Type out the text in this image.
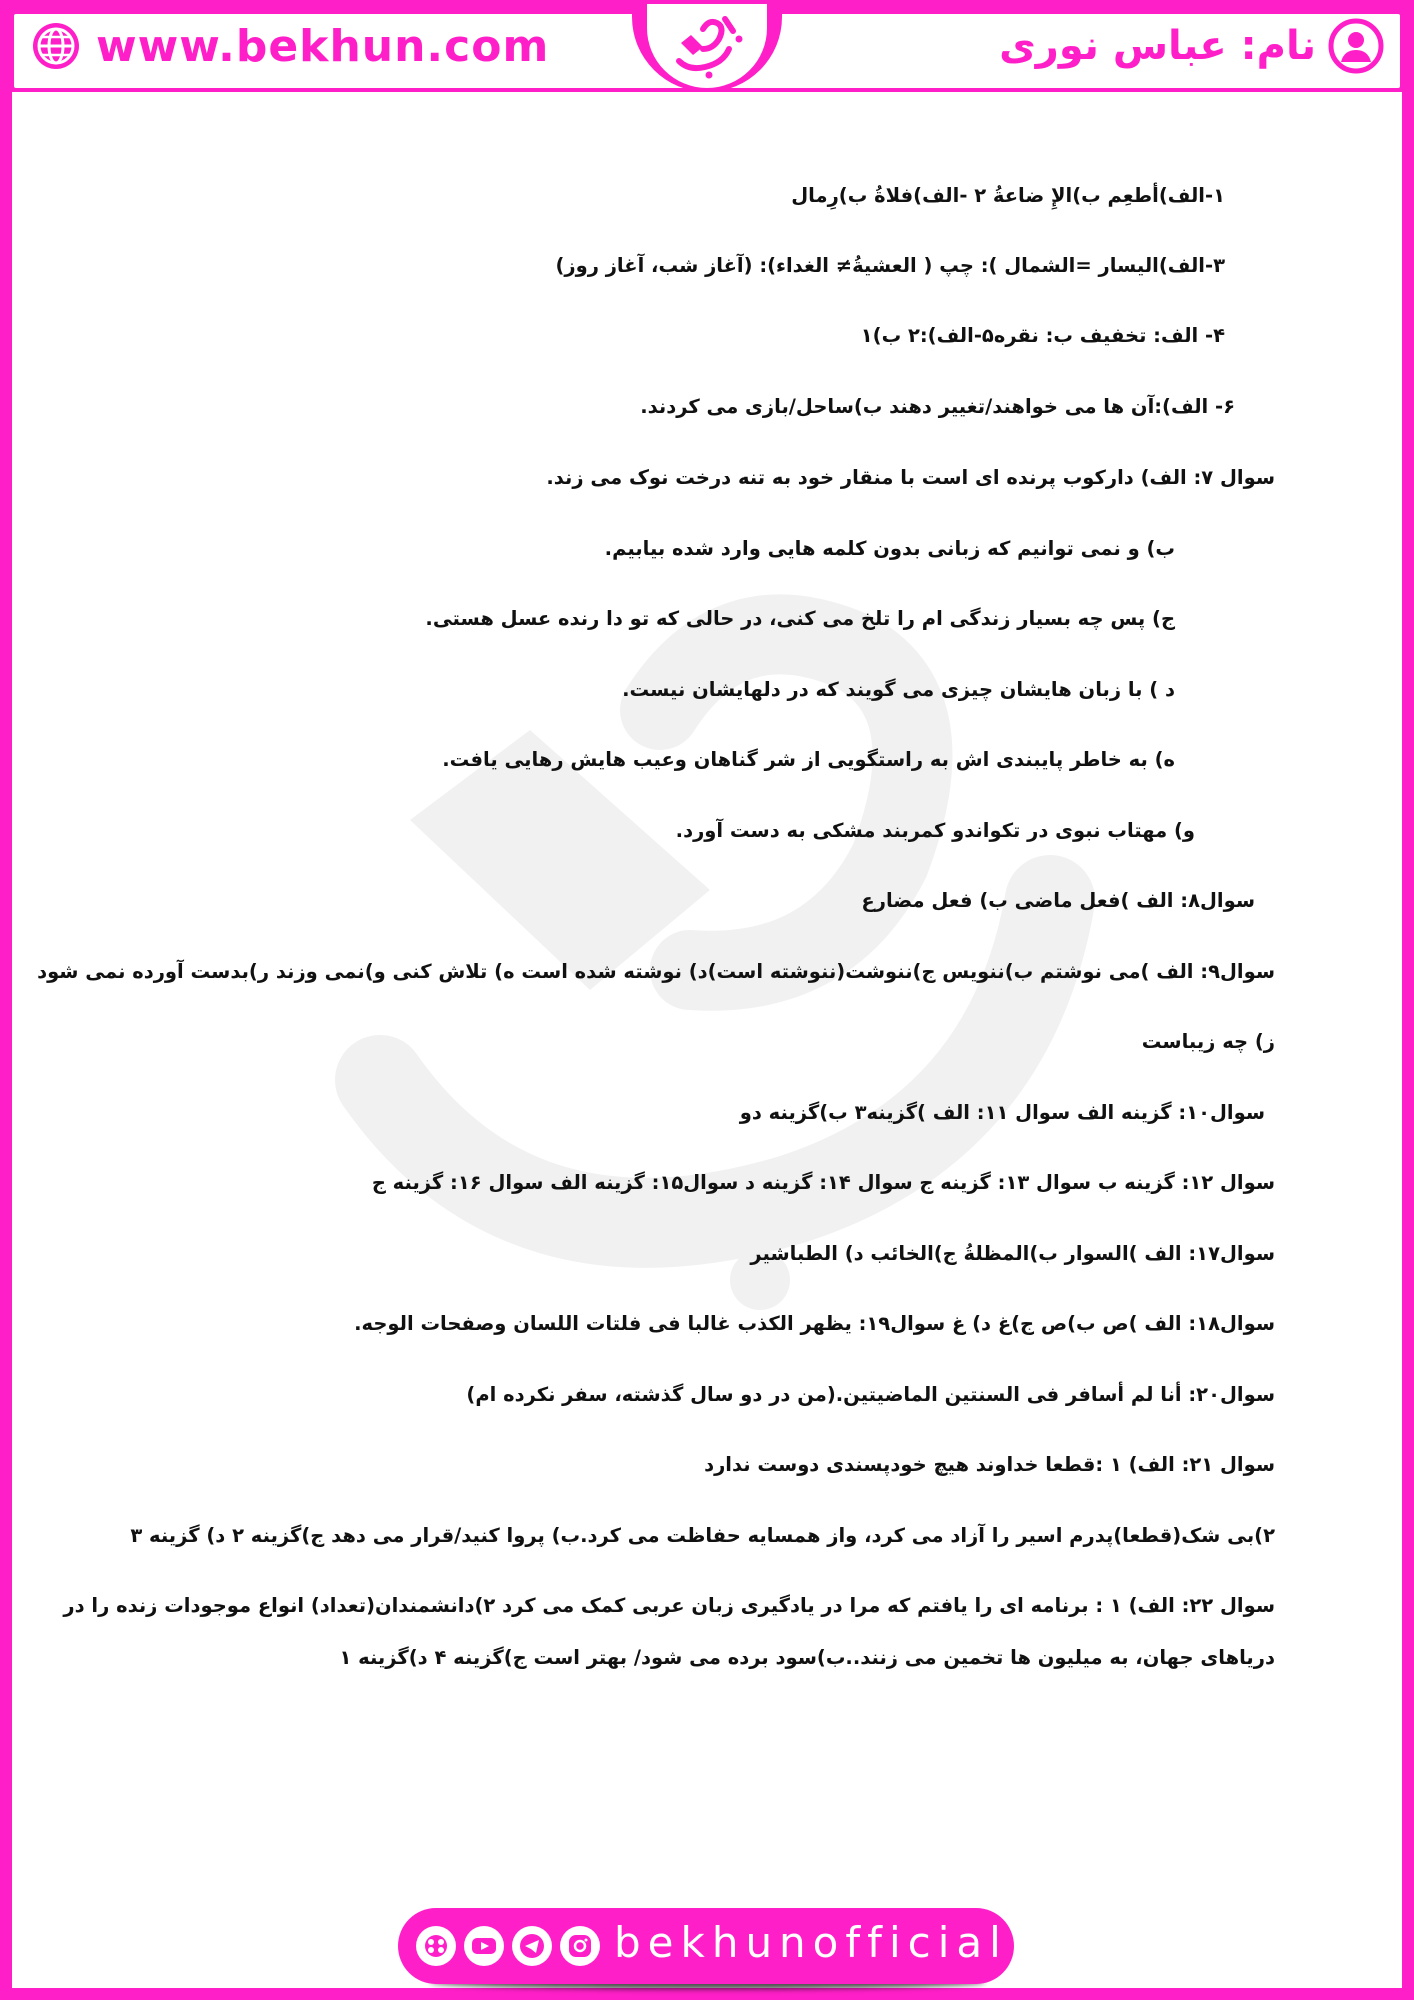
www.bekhun.com	نام: عباس نوری
۱-الف)أطعِم ب)الإِ ضاعةُ ۲ -الف)فلاةُ ب)رِمال
۳-الف)الیسار =الشمال ): چپ ( العشیةُ≠ الغداء): (آغاز شب، آغاز روز)
۴- الف: تخفیف ب: نقره۵-الف):۲ ب)۱
۶- الف):آن ها می خواهند/تغییر دهند ب)ساحل/بازی می کردند.
سوال ۷: الف) دارکوب پرنده ای است با منقار خود به تنه درخت نوک می زند.
ب) و نمی توانیم که زبانی بدون کلمه هایی وارد شده بیابیم.
ج) پس چه بسیار زندگی ام را تلخ می کنی، در حالی که تو دا رنده عسل هستی.
د ) با زبان هایشان چیزی می گویند که در دلهایشان نیست.
ه) به خاطر پایبندی اش به راستگویی از شر گناهان وعیب هایش رهایی یافت.
و) مهتاب نبوی در تکواندو کمربند مشکی به دست آورد.
سوال۸: الف )فعل ماضی ب) فعل مضارع
سوال۹: الف )می نوشتم ب)ننویس ج)ننوشت(ننوشته است)د) نوشته شده است ه) تلاش کنی و)نمی وزند ر)بدست آورده نمی شود
ز) چه زیباست
سوال۱۰: گزینه الف سوال ۱۱: الف )گزینه۳ ب)گزینه دو
سوال ۱۲: گزینه ب سوال ۱۳: گزینه ج سوال ۱۴: گزینه د سوال۱۵: گزینه الف سوال ۱۶: گزینه ج
سوال۱۷: الف )السوار ب)المظلةُ ج)الخائب د) الطباشیر
سوال۱۸: الف )ص ب)ص ج)غ د) غ سوال۱۹: یظهر الکذب غالبا فی فلتات اللسان وصفحات الوجه.
سوال۲۰: أنا لم أسافر فی السنتین الماضیتین.(من در دو سال گذشته، سفر نکرده ام)
سوال ۲۱: الف) ۱ :قطعا خداوند هیچ خودپسندی دوست ندارد
۲)بی شک(قطعا)پدرم اسیر را آزاد می کرد، واز همسایه حفاظت می کرد.ب) پروا کنید/قرار می دهد ج)گزینه ۲ د) گزینه ۳
سوال ۲۲: الف) ۱ : برنامه ای را یافتم که مرا در یادگیری زبان عربی کمک می کرد ۲)دانشمندان(تعداد) انواع موجودات زنده را در
دریاهای جهان، به میلیون ها تخمین می زنند..ب)سود برده می شود/ بهتر است ج)گزینه ۴ د)گزینه ۱
bekhunofficial
